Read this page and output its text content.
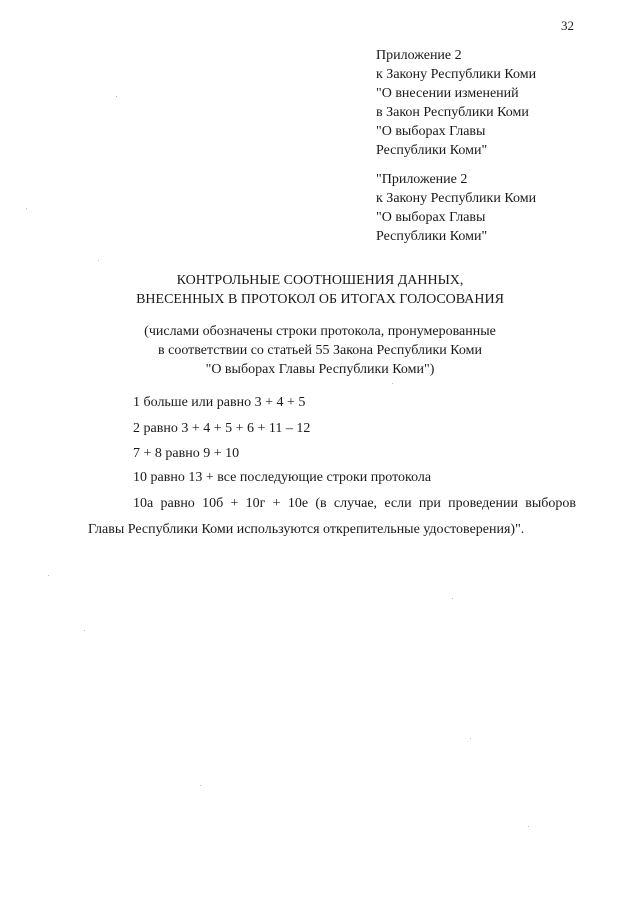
32
Приложение 2
к Закону Республики Коми
"О внесении изменений
в Закон Республики Коми
"О выборах Главы
Республики Коми"
"Приложение 2
к Закону Республики Коми
"О выборах Главы
Республики Коми"
КОНТРОЛЬНЫЕ СООТНОШЕНИЯ ДАННЫХ,
ВНЕСЕННЫХ В ПРОТОКОЛ ОБ ИТОГАХ ГОЛОСОВАНИЯ
(числами обозначены строки протокола, пронумерованные
в соответствии со статьей 55 Закона Республики Коми
"О выборах Главы Республики Коми")
1 больше или равно 3 + 4 + 5
2 равно 3 + 4 + 5 + 6 + 11 – 12
7 + 8 равно 9 + 10
10 равно 13 + все последующие строки протокола
10а равно 10б + 10г + 10е (в случае, если при проведении выборов
Главы Республики Коми используются открепительные удостоверения)".
